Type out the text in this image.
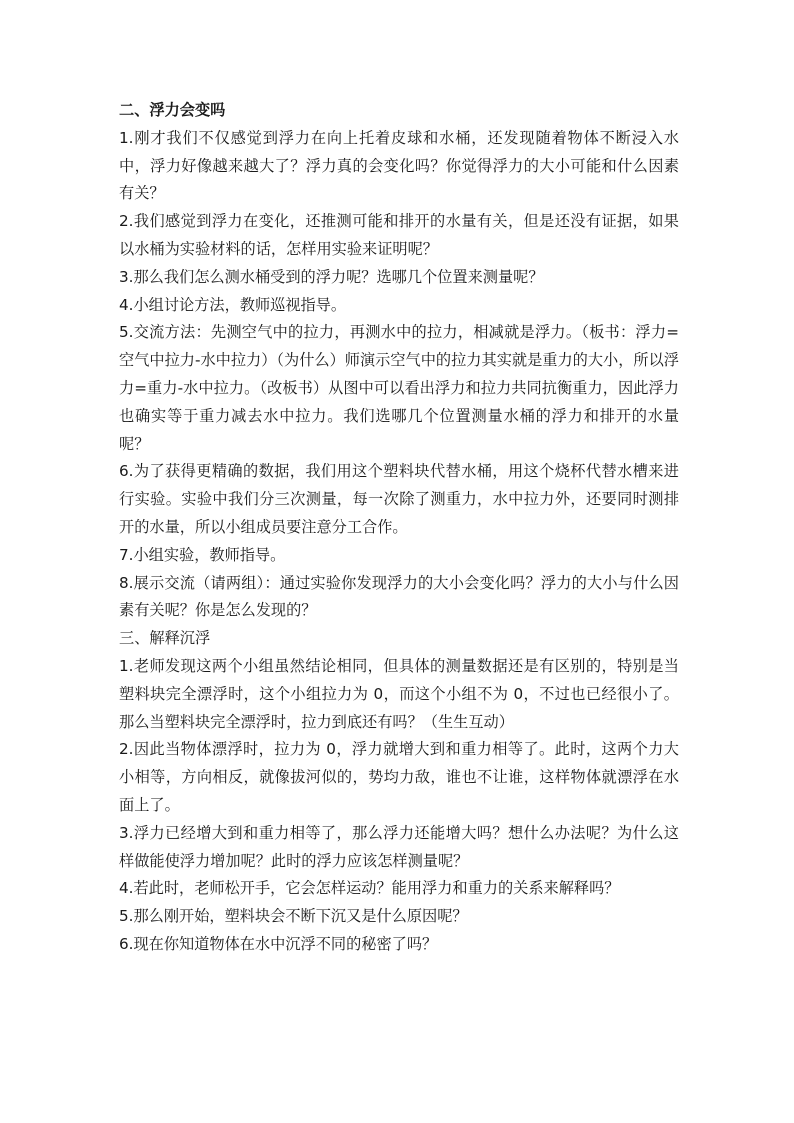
二、浮力会变吗

1.刚才我们不仅感觉到浮力在向上托着皮球和水桶，还发现随着物体不断浸入水中，浮力好像越来越大了？浮力真的会变化吗？你觉得浮力的大小可能和什么因素有关？

2.我们感觉到浮力在变化，还推测可能和排开的水量有关，但是还没有证据，如果以水桶为实验材料的话，怎样用实验来证明呢？

3.那么我们怎么测水桶受到的浮力呢？选哪几个位置来测量呢？

4.小组讨论方法，教师巡视指导。

5.交流方法：先测空气中的拉力，再测水中的拉力，相减就是浮力。（板书：浮力=空气中拉力-水中拉力）（为什么）师演示空气中的拉力其实就是重力的大小，所以浮力=重力-水中拉力。（改板书）从图中可以看出浮力和拉力共同抗衡重力，因此浮力也确实等于重力减去水中拉力。我们选哪几个位置测量水桶的浮力和排开的水量呢？

6.为了获得更精确的数据，我们用这个塑料块代替水桶，用这个烧杯代替水槽来进行实验。实验中我们分三次测量，每一次除了测重力，水中拉力外，还要同时测排开的水量，所以小组成员要注意分工合作。

7.小组实验，教师指导。

8.展示交流（请两组）：通过实验你发现浮力的大小会变化吗？浮力的大小与什么因素有关呢？你是怎么发现的？

三、解释沉浮

1.老师发现这两个小组虽然结论相同，但具体的测量数据还是有区别的，特别是当塑料块完全漂浮时，这个小组拉力为 0，而这个小组不为 0，不过也已经很小了。那么当塑料块完全漂浮时，拉力到底还有吗？（生生互动）

2.因此当物体漂浮时，拉力为 0，浮力就增大到和重力相等了。此时，这两个力大小相等，方向相反，就像拔河似的，势均力敌，谁也不让谁，这样物体就漂浮在水面上了。

3.浮力已经增大到和重力相等了，那么浮力还能增大吗？想什么办法呢？为什么这样做能使浮力增加呢？此时的浮力应该怎样测量呢？

4.若此时，老师松开手，它会怎样运动？能用浮力和重力的关系来解释吗？

5.那么刚开始，塑料块会不断下沉又是什么原因呢？

6.现在你知道物体在水中沉浮不同的秘密了吗？
